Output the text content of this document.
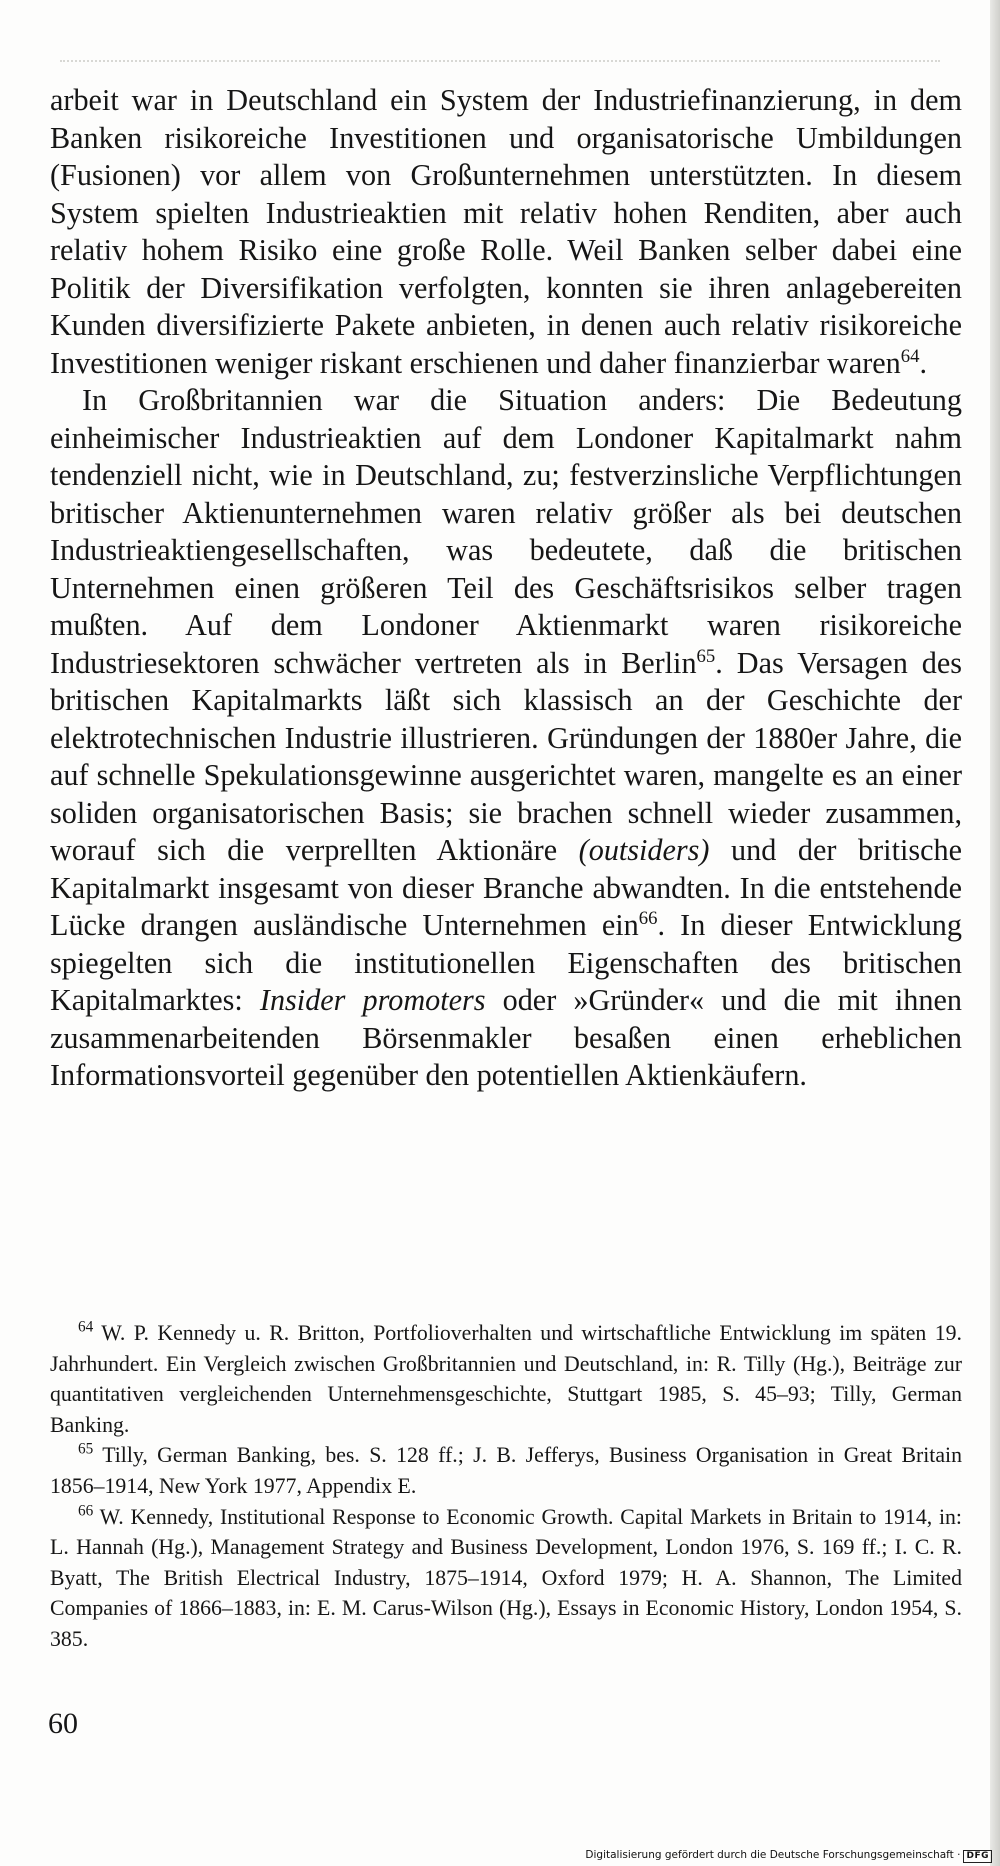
arbeit war in Deutschland ein System der Industriefinanzierung, in dem Banken risikoreiche Investitionen und organisatorische Umbildungen (Fusionen) vor allem von Großunternehmen unterstützten. In diesem System spielten Industrieaktien mit relativ hohen Renditen, aber auch relativ hohem Risiko eine große Rolle. Weil Banken selber dabei eine Politik der Diversifikation verfolgten, konnten sie ihren anlagebereiten Kunden diversifizierte Pakete anbieten, in denen auch relativ risikoreiche Investitionen weniger riskant erschienen und daher finanzierbar waren$^{64}$.

In Großbritannien war die Situation anders: Die Bedeutung einheimischer Industrieaktien auf dem Londoner Kapitalmarkt nahm tendenziell nicht, wie in Deutschland, zu; festverzinsliche Verpflichtungen britischer Aktienunternehmen waren relativ größer als bei deutschen Industrieaktiengesellschaften, was bedeutete, daß die britischen Unternehmen einen größeren Teil des Geschäftsrisikos selber tragen mußten. Auf dem Londoner Aktienmarkt waren risikoreiche Industriesektoren schwächer vertreten als in Berlin$^{65}$. Das Versagen des britischen Kapitalmarkts läßt sich klassisch an der Geschichte der elektrotechnischen Industrie illustrieren. Gründungen der 1880er Jahre, die auf schnelle Spekulationsgewinne ausgerichtet waren, mangelte es an einer soliden organisatorischen Basis; sie brachen schnell wieder zusammen, worauf sich die verprellten Aktionäre (outsiders) und der britische Kapitalmarkt insgesamt von dieser Branche abwandten. In die entstehende Lücke drangen ausländische Unternehmen ein$^{66}$. In dieser Entwicklung spiegelten sich die institutionellen Eigenschaften des britischen Kapitalmarktes: Insider promoters oder »Gründer« und die mit ihnen zusammenarbeitenden Börsenmakler besaßen einen erheblichen Informationsvorteil gegenüber den potentiellen Aktienkäufern.

$^{64}$ W. P. Kennedy u. R. Britton, Portfolioverhalten und wirtschaftliche Entwicklung im späten 19. Jahrhundert. Ein Vergleich zwischen Großbritannien und Deutschland, in: R. Tilly (Hg.), Beiträge zur quantitativen vergleichenden Unternehmensgeschichte, Stuttgart 1985, S. 45–93; Tilly, German Banking.

$^{65}$ Tilly, German Banking, bes. S. 128 ff.; J. B. Jefferys, Business Organisation in Great Britain 1856–1914, New York 1977, Appendix E.

$^{66}$ W. Kennedy, Institutional Response to Economic Growth. Capital Markets in Britain to 1914, in: L. Hannah (Hg.), Management Strategy and Business Development, London 1976, S. 169 ff.; I. C. R. Byatt, The British Electrical Industry, 1875–1914, Oxford 1979; H. A. Shannon, The Limited Companies of 1866–1883, in: E. M. Carus-Wilson (Hg.), Essays in Economic History, London 1954, S. 385.

60
Digitalisierung gefördert durch die Deutsche Forschungsgemeinschaft · DFG
